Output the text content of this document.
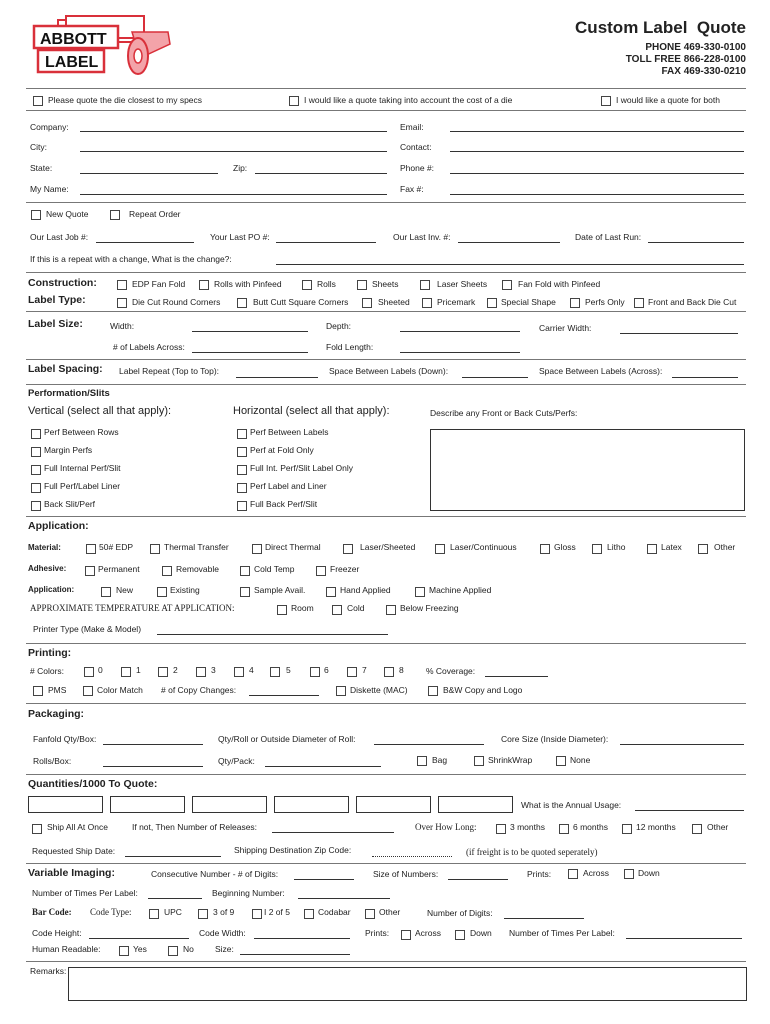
ABBOTT
LABEL
Custom Label  Quote
PHONE 469-330-0100
TOLL FREE 866-228-0100
FAX 469-330-0210
Please quote the die closest to my specs	I would like a quote taking into account the cost of a die	I would like a quote for both
Company:	Email:
City:	Contact:
State:	Zip:	Phone #:
My Name:	Fax #:
New Quote	Repeat Order
Our Last Job #:	Your Last PO #:	Our Last Inv. #:	Date of Last Run:
If this is a repeat with a change, What is the change?:
Construction:	EDP Fan Fold	Rolls with Pinfeed	Rolls	Sheets	Laser Sheets	Fan Fold with Pinfeed
Label Type:	Die Cut Round Corners	Butt Cutt Square Corners	Sheeted	Pricemark	Special Shape	Perfs Only	Front and Back Die Cut
Label Size:	Width:	Depth:	Carrier Width:
# of Labels Across:	Fold Length:
Label Spacing: Label Repeat (Top to Top):	Space Between Labels (Down):	Space Between Labels (Across):
Performation/Slits
Vertical (select all that apply):	Horizontal (select all that apply):	Describe any Front or Back Cuts/Perfs:
Perf Between Rows
Margin Perfs
Full Internal Perf/Slit
Full Perf/Label Liner
Back Slit/Perf
Perf Between Labels
Perf at Fold Only
Full Int. Perf/Slit Label Only
Perf Label and Liner
Full Back Perf/Slit
Application:
Material:	50# EDP	Thermal Transfer	Direct Thermal	Laser/Sheeted	Laser/Continuous	Gloss	Litho	Latex	Other
Adhesive:	Permanent	Removable	Cold Temp	Freezer
Application:	New	Existing	Sample Avail.	Hand Applied	Machine Applied
APPROXIMATE TEMPERATURE AT APPLICATION:	Room	Cold	Below Freezing
Printer Type (Make & Model)
Printing:
# Colors:	0	1	2	3	4	5	6	7	8	% Coverage:
PMS	Color Match # of Copy Changes:	Diskette (MAC)	B&W Copy and Logo
Packaging:
Fanfold Qty/Box:	Qty/Roll or Outside Diameter of Roll:	Core Size (Inside Diameter):
Rolls/Box:	Qty/Pack:	Bag	ShrinkWrap	None
Quantities/1000 To Quote:
What is the Annual Usage:
Ship All At Once	If not, Then Number of Releases:	Over How Long:	3 months	6 months	12 months	Other
Requested Ship Date:	Shipping Destination Zip Code:	(if freight is to be quoted seperately)
Variable Imaging:	Consecutive Number - # of Digits:	Size of Numbers:	Prints:	Across	Down
Number of Times Per Label:	Beginning Number:
Bar Code: Code Type:	UPC	3 of 9	I 2 of 5	Codabar	Other	Number of Digits:
Code Height:	Code Width:	Prints:	Across	Down Number of Times Per Label:
Human Readable:	Yes	No Size:
Remarks:
